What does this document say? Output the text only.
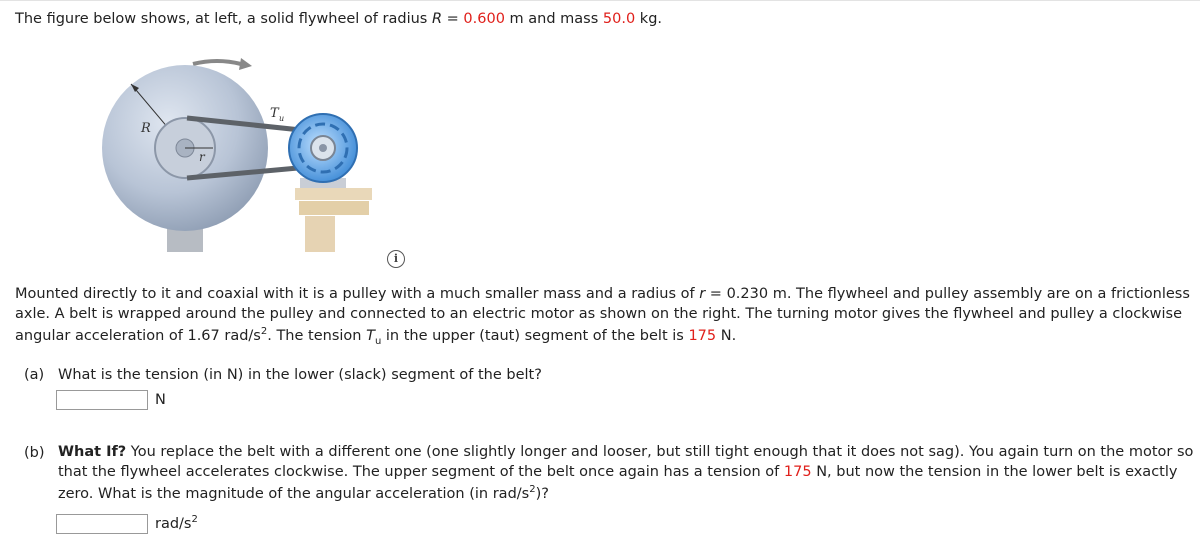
The figure below shows, at left, a solid flywheel of radius R = 0.600 m and mass 50.0 kg.

R
r
T u
i

Mounted directly to it and coaxial with it is a pulley with a much smaller mass and a radius of r = 0.230 m. The flywheel and pulley assembly are on a frictionless

axle. A belt is wrapped around the pulley and connected to an electric motor as shown on the right. The turning motor gives the flywheel and pulley a clockwise

angular acceleration of 1.67 rad/$s^2$. The tension $T_u$ in the upper (taut) segment of the belt is 175 N.

(a) What is the tension (in N) in the lower (slack) segment of the belt?
N
(b) What If? You replace the belt with a different one (one slightly longer and looser, but still tight enough that it does not sag). You again turn on the motor so
that the flywheel accelerates clockwise. The upper segment of the belt once again has a tension of 175 N, but now the tension in the lower belt is exactly
zero. What is the magnitude of the angular acceleration (in rad/$s^2$)?
rad/$s^2$
